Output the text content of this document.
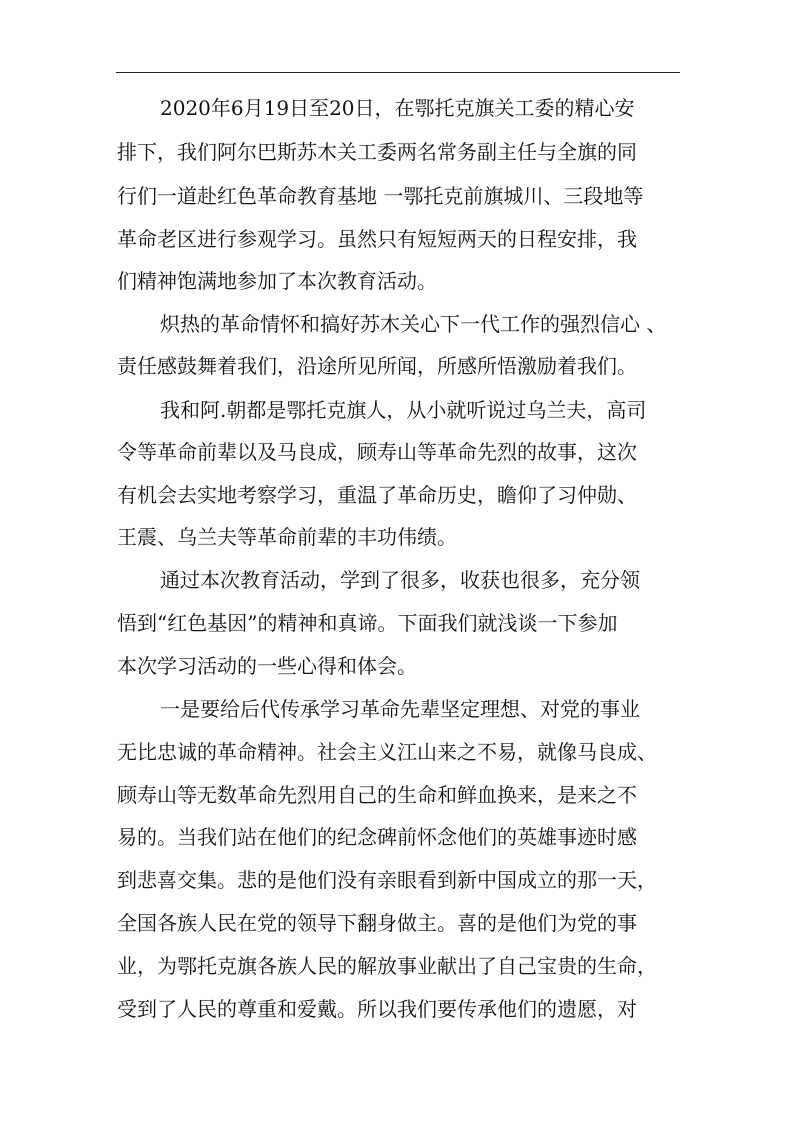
2020年6月19日至20日，在鄂托克旗关工委的精心安
排下，我们阿尔巴斯苏木关工委两名常务副主任与全旗的同
行们一道赴红色革命教育基地 一鄂托克前旗城川、三段地等
革命老区进行参观学习。虽然只有短短两天的日程安排，我
们精神饱满地参加了本次教育活动。
炽热的革命情怀和搞好苏木关心下一代工作的强烈信心 、
责任感鼓舞着我们，沿途所见所闻，所感所悟激励着我们。
我和阿.朝都是鄂托克旗人，从小就听说过乌兰夫，高司
令等革命前辈以及马良成，顾寿山等革命先烈的故事，这次
有机会去实地考察学习，重温了革命历史，瞻仰了习仲勋、
王震、乌兰夫等革命前辈的丰功伟绩。
通过本次教育活动，学到了很多，收获也很多，充分领
悟到“红色基因”的精神和真谛。下面我们就浅谈一下参加
本次学习活动的一些心得和体会。
一是要给后代传承学习革命先辈坚定理想、对党的事业
无比忠诚的革命精神。社会主义江山来之不易，就像马良成、
顾寿山等无数革命先烈用自己的生命和鲜血换来，是来之不
易的。当我们站在他们的纪念碑前怀念他们的英雄事迹时感
到悲喜交集。悲的是他们没有亲眼看到新中国成立的那一天，
全国各族人民在党的领导下翻身做主。喜的是他们为党的事
业，为鄂托克旗各族人民的解放事业献出了自己宝贵的生命，
受到了人民的尊重和爱戴。所以我们要传承他们的遗愿，对
